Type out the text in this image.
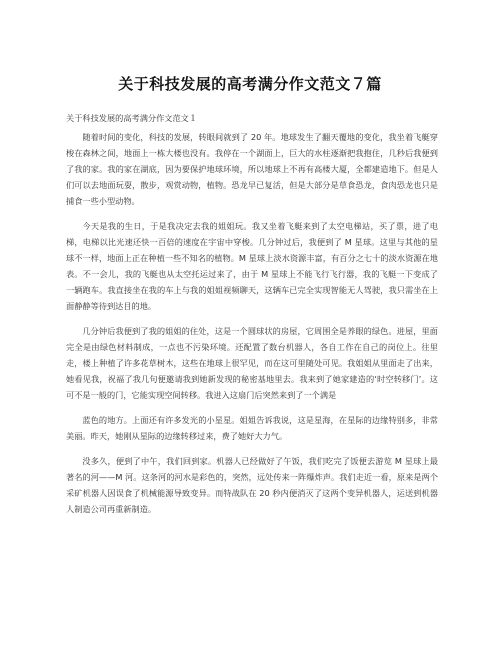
关于科技发展的高考满分作文范文７篇
关于科技发展的高考满分作文范文１

随着时间的变化，科技的发展，转眼间就到了 20 年。地球发生了翻天覆地的变化，我坐着飞艇穿梭在森林之间，地面上一栋大楼也没有。我停在一个湖面上，巨大的水柱逐渐把我抱住，几秒后我便到了我的家。我的家在湖底，因为要保护地球环境，所以地球上不再有高楼大厦，全都建造地下。但是人们可以去地面玩耍，散步，观赏动物，植物。恐龙早已复活，但是大部分是草食恐龙，食肉恐龙也只是捕食一些小型动物。

今天是我的生日，于是我决定去我的姐姐玩。我又坐着飞艇来到了太空电梯站，买了票，进了电梯，电梯以比光速还快一百倍的速度在宇宙中穿梭。几分钟过后，我便到了 M 星球。这里与其他的星球不一样，地面上正在种植一些不知名的植物。M 星球上淡水资源丰富，有百分之七十的淡水资源在地表。不一会儿，我的飞艇也从太空托运过来了，由于 M 星球上不能飞行飞行器，我的飞艇一下变成了一辆跑车。我直接坐在我的车上与我的姐姐视频聊天，这辆车已完全实现智能无人驾驶，我只需坐在上面静静等待到达目的地。

几分钟后我便到了我的姐姐的住处，这是一个圆球状的房屋，它周围全是养眼的绿色。进屋，里面完全是由绿色材料制成，一点也不污染环境。还配置了数台机器人，各自工作在自己的岗位上。往里走，楼上种植了许多花草树木，这些在地球上很罕见，而在这可里随处可见。我姐姐从里面走了出来，她看见我，祝福了我几句便邀请我到她新发现的秘密基地里去。我来到了她家建造的‘时空转移门’。这可不是一般的门，它能实现空间转移。我进入这扇门后突然来到了一个满是

蓝色的地方。上面还有许多发光的小星星。姐姐告诉我说，这是星海，在星际的边缘特别多，非常美丽。昨天，她刚从星际的边缘转移过来，费了她好大力气。

没多久，便到了中午，我们回到家。机器人已经做好了午饭，我们吃完了饭便去游览 M 星球上最著名的河——M 河。这条河的河水是彩色的，突然，远处传来一阵爆炸声。我们走近一看，原来是两个采矿机器人因误食了机械能源导致变异。而特战队在 20 秒内便消灭了这两个变异机器人，运送到机器人制造公司再重新制造。
